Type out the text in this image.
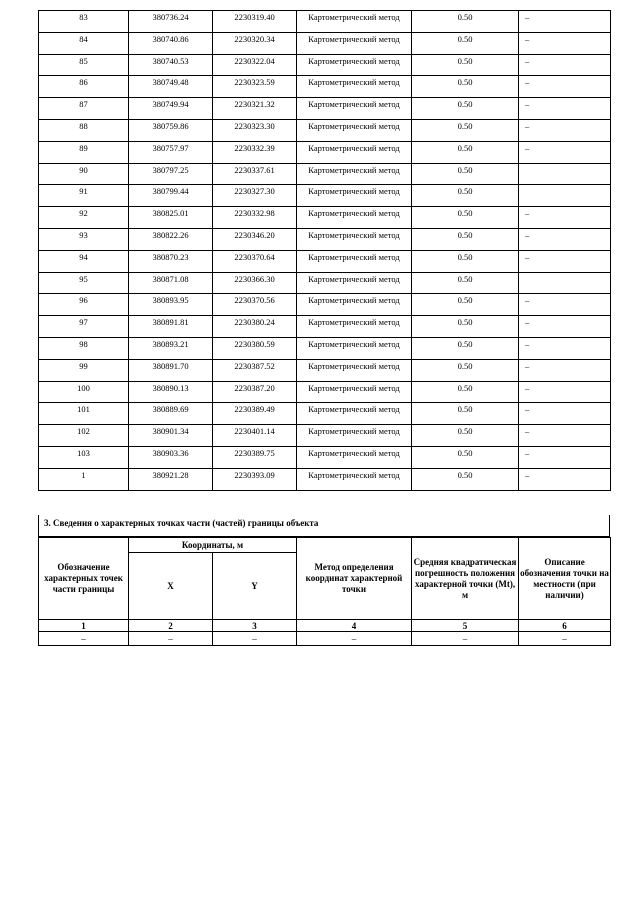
83	380736.24	2230319.40	Картометрический метод	0.50	–
84	380740.86	2230320.34	Картометрический метод	0.50	–
85	380740.53	2230322.04	Картометрический метод	0.50	–
86	380749.48	2230323.59	Картометрический метод	0.50	–
87	380749.94	2230321.32	Картометрический метод	0.50	–
88	380759.86	2230323.30	Картометрический метод	0.50	–
89	380757.97	2230332.39	Картометрический метод	0.50	–
90	380797.25	2230337.61	Картометрический метод	0.50	
91	380799.44	2230327.30	Картометрический метод	0.50	
92	380825.01	2230332.98	Картометрический метод	0.50	–
93	380822.26	2230346.20	Картометрический метод	0.50	–
94	380870.23	2230370.64	Картометрический метод	0.50	–
95	380871.08	2230366.30	Картометрический метод	0.50	
96	380893.95	2230370.56	Картометрический метод	0.50	–
97	380891.81	2230380.24	Картометрический метод	0.50	–
98	380893.21	2230380.59	Картометрический метод	0.50	–
99	380891.70	2230387.52	Картометрический метод	0.50	–
100	380890.13	2230387.20	Картометрический метод	0.50	–
101	380889.69	2230389.49	Картометрический метод	0.50	–
102	380901.34	2230401.14	Картометрический метод	0.50	–
103	380903.36	2230389.75	Картометрический метод	0.50	–
1	380921.28	2230393.09	Картометрический метод	0.50	–
3. Сведения о характерных точках части (частей) границы объекта
Обозначение характерных точек части границы	Координаты, м		Метод определения координат характерной точки	Средняя квадратическая погрешность положения характерной точки (Mt), м	Описание обозначения точки на местности (при наличии)
	X	Y			
1	2	3	4	5	6
–	–	–	–	–	–
